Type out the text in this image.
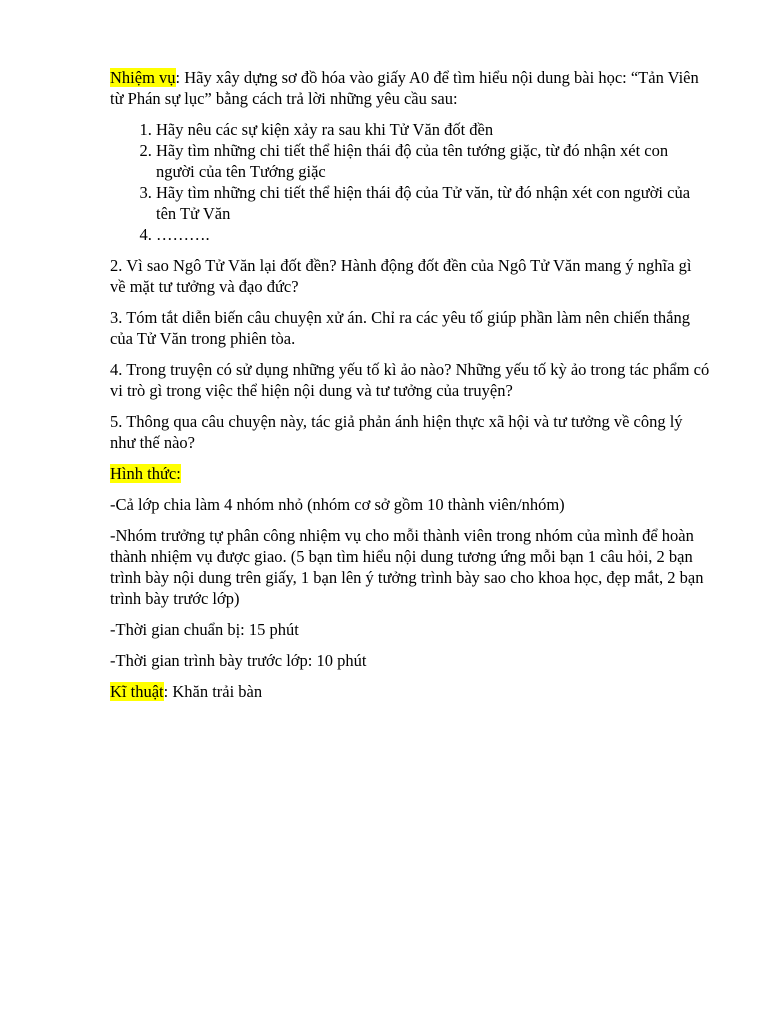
Nhiệm vụ: Hãy xây dựng sơ đồ hóa vào giấy A0 để tìm hiểu nội dung bài học: “Tản Viên từ Phán sự lục” bằng cách trả lời những yêu cầu sau:

1. Hãy nêu các sự kiện xảy ra sau khi Tử Văn đốt đền
2. Hãy tìm những chi tiết thể hiện thái độ của tên tướng giặc, từ đó nhận xét con người của tên Tướng giặc
3. Hãy tìm những chi tiết thể hiện thái độ của Tử văn, từ đó nhận xét con người của tên Tử Văn
4. ……….

2. Vì sao Ngô Tử Văn lại đốt đền? Hành động đốt đền của Ngô Tử Văn mang ý nghĩa gì về mặt tư tưởng và đạo đức?

3. Tóm tắt diễn biến câu chuyện xử án. Chỉ ra các yêu tố giúp phần làm nên chiến thắng của Tử Văn trong phiên tòa.

4. Trong truyện có sử dụng những yếu tố kì ảo nào? Những yếu tố kỳ ảo trong tác phẩm có vi trò gì trong việc thể hiện nội dung và tư tưởng của truyện?

5. Thông qua câu chuyện này, tác giả phản ánh hiện thực xã hội và tư tưởng về công lý như thế nào?

Hình thức:

-Cả lớp chia làm 4 nhóm nhỏ (nhóm cơ sở gồm 10 thành viên/nhóm)

-Nhóm trưởng tự phân công nhiệm vụ cho mỗi thành viên trong nhóm của mình để hoàn thành nhiệm vụ được giao. (5 bạn tìm hiểu nội dung tương ứng mỗi bạn 1 câu hỏi, 2 bạn trình bày nội dung trên giấy, 1 bạn lên ý tưởng trình bày sao cho khoa học, đẹp mắt, 2 bạn trình bày trước lớp)

-Thời gian chuẩn bị: 15 phút

-Thời gian trình bày trước lớp: 10 phút

Kĩ thuật: Khăn trải bàn
